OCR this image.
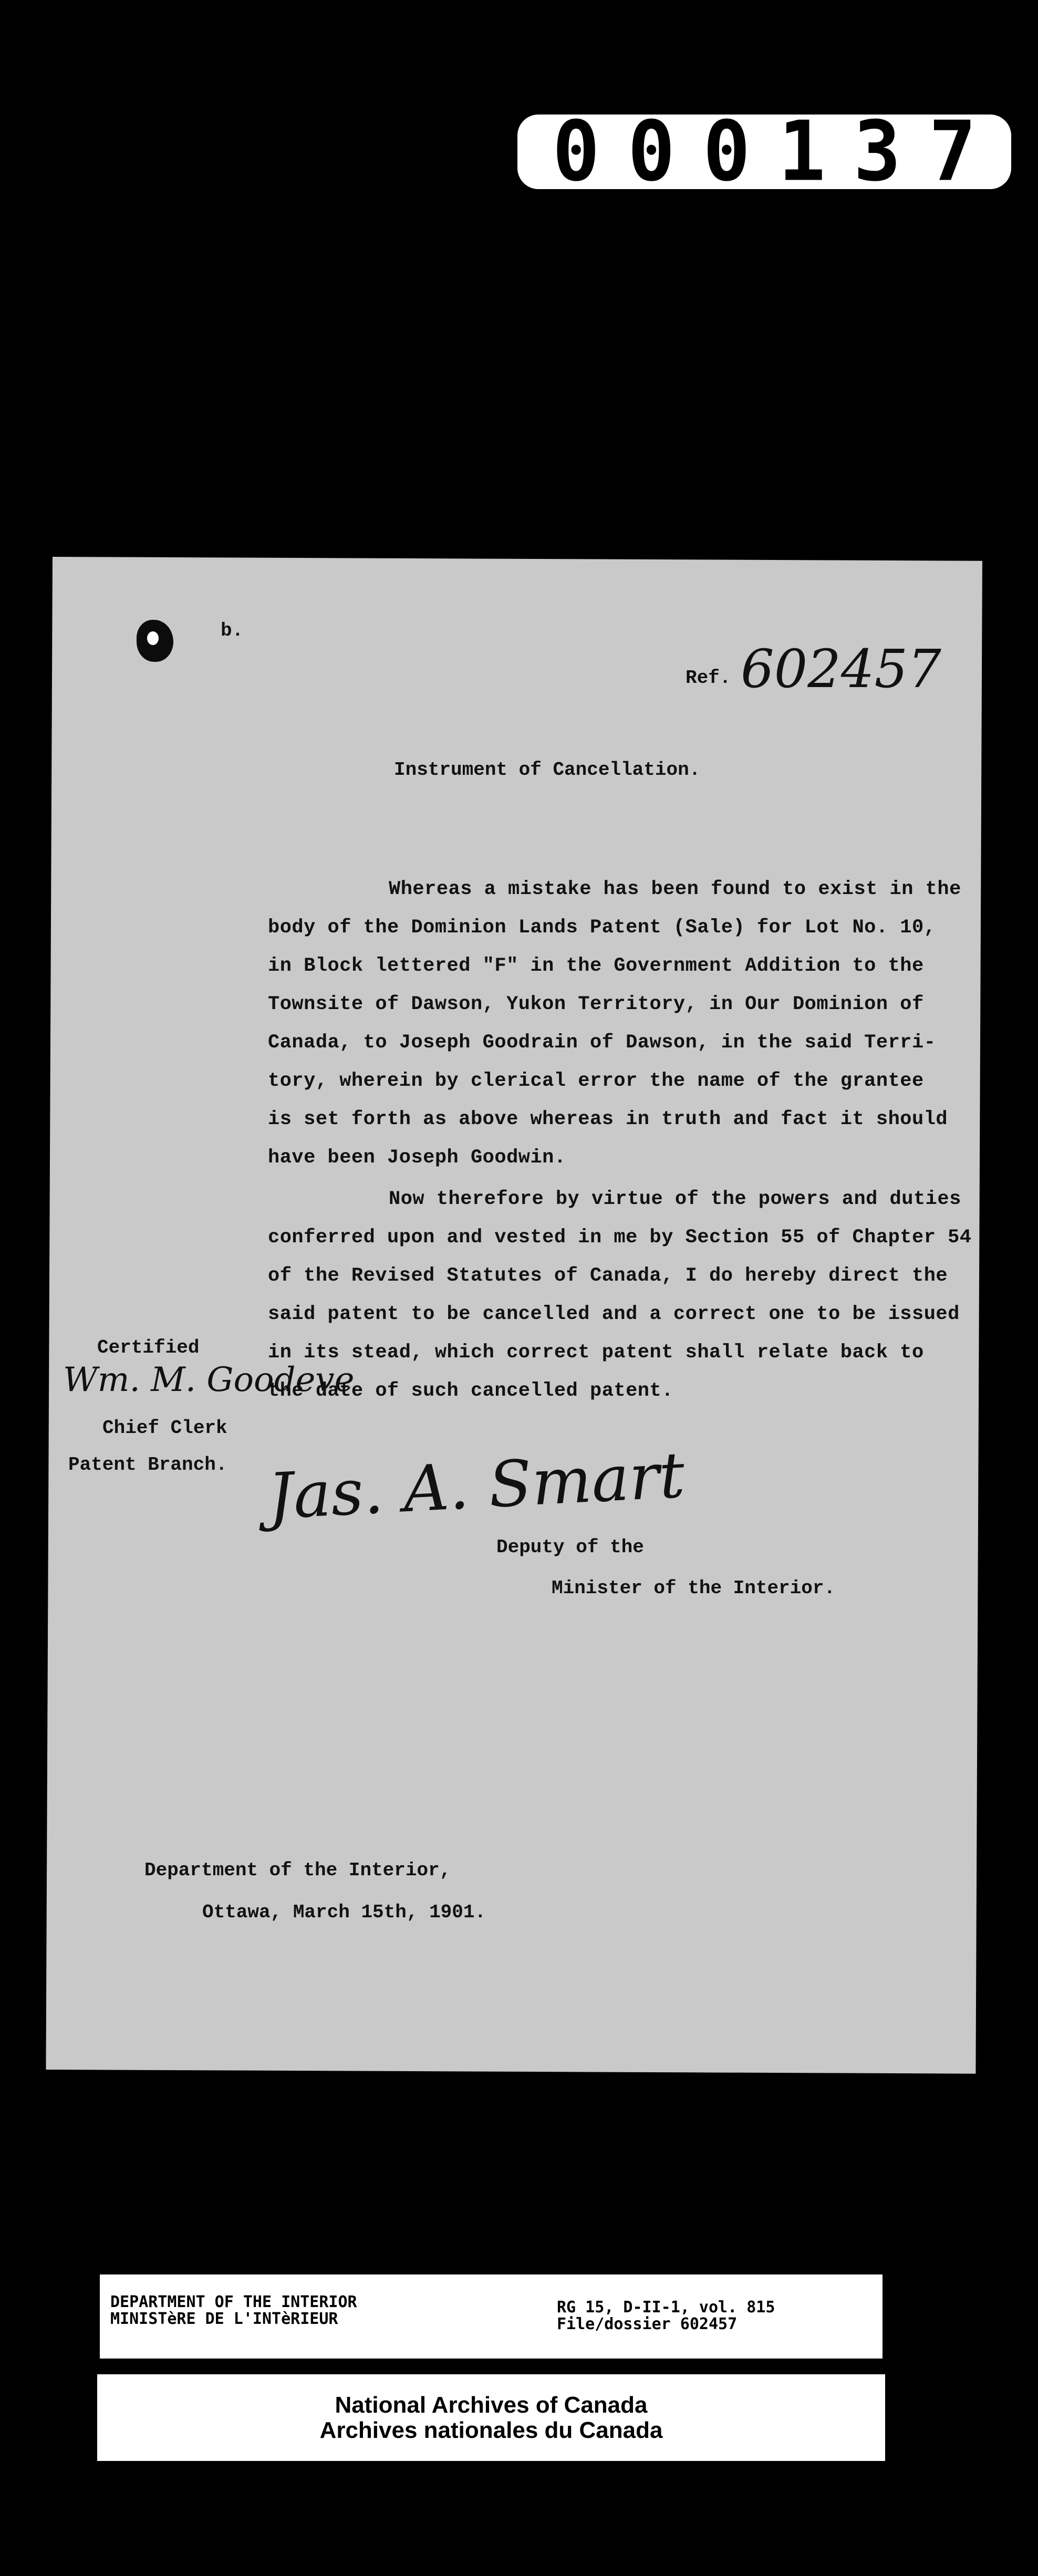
0 0 0 1 3 7
b.
Ref. 602457
Instrument of Cancellation.
Whereas a mistake has been found to exist in the
body of the Dominion Lands Patent (Sale) for Lot No. 10,
in Block lettered "F" in the Government Addition to the
Townsite of Dawson, Yukon Territory, in Our Dominion of
Canada, to Joseph Goodrain of Dawson, in the said Terri-
tory, wherein by clerical error the name of the grantee
is set forth as above whereas in truth and fact it should
have been Joseph Goodwin.
Now therefore by virtue of the powers and duties
conferred upon and vested in me by Section 55 of Chapter 54
of the Revised Statutes of Canada, I do hereby direct the
said patent to be cancelled and a correct one to be issued
in its stead, which correct patent shall relate back to
the date of such cancelled patent.
Certified
Wm. M. Goodeve
Chief Clerk
Patent Branch. Jas. A. Smart
Deputy of the
Minister of the Interior.
Department of the Interior,
Ottawa, March 15th, 1901.
DEPARTMENT OF THE INTERIOR
MINISTèRE DE L'INTèRIEUR
RG 15, D-II-1, vol. 815
File/dossier 602457
National Archives of Canada
Archives nationales du Canada
